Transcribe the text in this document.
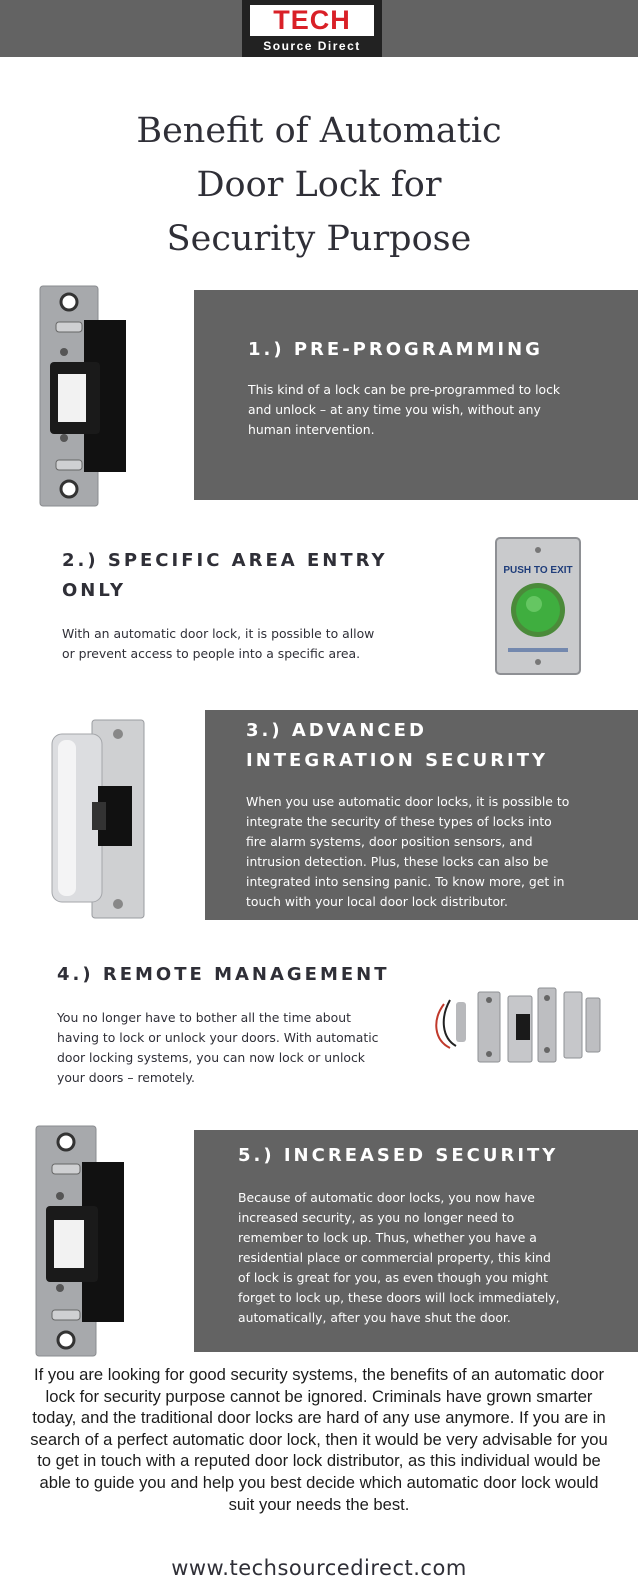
TECH
Source Direct
Benefit of Automatic
Door Lock for
Security Purpose
1.) PRE-PROGRAMMING
This kind of a lock can be pre-programmed to lock
and unlock – at any time you wish, without any
human intervention.
2.) SPECIFIC AREA ENTRY
ONLY
With an automatic door lock, it is possible to allow
or prevent access to people into a specific area.
PUSH TO EXIT
3.) ADVANCED
INTEGRATION SECURITY
When you use automatic door locks, it is possible to
integrate the security of these types of locks into
fire alarm systems, door position sensors, and
intrusion detection. Plus, these locks can also be
integrated into sensing panic. To know more, get in
touch with your local door lock distributor.
4.) REMOTE MANAGEMENT
You no longer have to bother all the time about
having to lock or unlock your doors. With automatic
door locking systems, you can now lock or unlock
your doors – remotely.
5.) INCREASED SECURITY
Because of automatic door locks, you now have
increased security, as you no longer need to
remember to lock up. Thus, whether you have a
residential place or commercial property, this kind
of lock is great for you, as even though you might
forget to lock up, these doors will lock immediately,
automatically, after you have shut the door.
If you are looking for good security systems, the benefits of an automatic door
lock for security purpose cannot be ignored. Criminals have grown smarter
today, and the traditional door locks are hard of any use anymore. If you are in
search of a perfect automatic door lock, then it would be very advisable for you
to get in touch with a reputed door lock distributor, as this individual would be
able to guide you and help you best decide which automatic door lock would
suit your needs the best.
www.techsourcedirect.com
